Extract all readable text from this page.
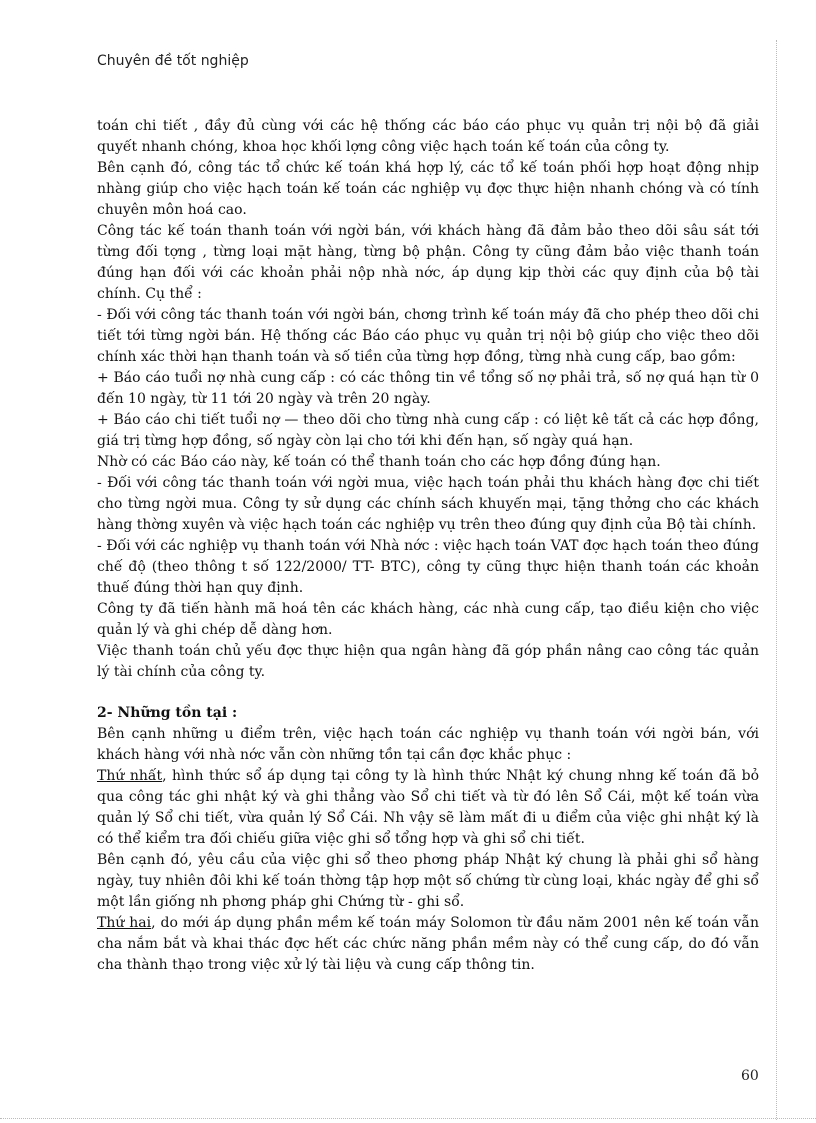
Chuyên đề tốt nghiệp

toán chi tiết , đầy đủ cùng với các hệ thống các báo cáo phục vụ quản trị nội bộ đã giải quyết nhanh chóng, khoa học khối lợng công việc hạch toán kế toán của công ty.

Bên cạnh đó, công tác tổ chức kế toán khá hợp lý, các tổ kế toán phối hợp hoạt động nhịp nhàng giúp cho việc hạch toán kế toán các nghiệp vụ đợc thực hiện nhanh chóng và có tính chuyên môn hoá cao.

Công tác kế toán thanh toán với ngời bán, với khách hàng đã đảm bảo theo dõi sâu sát tới từng đối tợng , từng loại mặt hàng, từng bộ phận. Công ty cũng đảm bảo việc thanh toán đúng hạn đối với các khoản phải nộp nhà nớc, áp dụng kịp thời các quy định của bộ tài chính. Cụ thể :

- Đối với công tác thanh toán với ngời bán, chơng trình kế toán máy đã cho phép theo dõi chi tiết tới từng ngời bán. Hệ thống các Báo cáo phục vụ quản trị nội bộ giúp cho việc theo dõi chính xác thời hạn thanh toán và số tiền của từng hợp đồng, từng nhà cung cấp, bao gồm:

+ Báo cáo tuổi nợ nhà cung cấp : có các thông tin về tổng số nợ phải trả, số nợ quá hạn từ 0 đến 10 ngày, từ 11 tới 20 ngày và trên 20 ngày.

+ Báo cáo chi tiết tuổi nợ — theo dõi cho từng nhà cung cấp : có liệt kê tất cả các hợp đồng, giá trị từng hợp đồng, số ngày còn lại cho tới khi đến hạn, số ngày quá hạn.

Nhờ có các Báo cáo này, kế toán có thể thanh toán cho các hợp đồng đúng hạn.

- Đối với công tác thanh toán với ngời mua, việc hạch toán phải thu khách hàng đợc chi tiết cho từng ngời mua. Công ty sử dụng các chính sách khuyến mại, tặng thởng cho các khách hàng thờng xuyên và việc hạch toán các nghiệp vụ trên theo đúng quy định của Bộ tài chính.

- Đối với các nghiệp vụ thanh toán với Nhà nớc : việc hạch toán VAT đợc hạch toán theo đúng chế độ (theo thông t số 122/2000/ TT- BTC), công ty cũng thực hiện thanh toán các khoản thuế đúng thời hạn quy định.

Công ty đã tiến hành mã hoá tên các khách hàng, các nhà cung cấp, tạo điều kiện cho việc quản lý và ghi chép dễ dàng hơn.

Việc thanh toán chủ yếu đợc thực hiện qua ngân hàng đã góp phần nâng cao công tác quản lý tài chính của công ty.

2- Những tồn tại :

Bên cạnh những u điểm trên, việc hạch toán các nghiệp vụ thanh toán với ngời bán, với khách hàng với nhà nớc vẫn còn những tồn tại cần đợc khắc phục :

Thứ nhất, hình thức sổ áp dụng tại công ty là hình thức Nhật ký chung nhng kế toán đã bỏ qua công tác ghi nhật ký và ghi thẳng vào Sổ chi tiết và từ đó lên Sổ Cái, một kế toán vừa quản lý Sổ chi tiết, vừa quản lý Sổ Cái. Nh vậy sẽ làm mất đi u điểm của việc ghi nhật ký là có thể kiểm tra đối chiếu giữa việc ghi sổ tổng hợp và ghi sổ chi tiết.

Bên cạnh đó, yêu cầu của việc ghi sổ theo phơng pháp Nhật ký chung là phải ghi sổ hàng ngày, tuy nhiên đôi khi kế toán thờng tập hợp một số chứng từ cùng loại, khác ngày để ghi sổ một lần giống nh phơng pháp ghi Chứng từ - ghi sổ.

Thứ hai, do mới áp dụng phần mềm kế toán máy Solomon từ đầu năm 2001 nên kế toán vẫn cha nắm bắt và khai thác đợc hết các chức năng phần mềm này có thể cung cấp, do đó vẫn cha thành thạo trong việc xử lý tài liệu và cung cấp thông tin.

60
